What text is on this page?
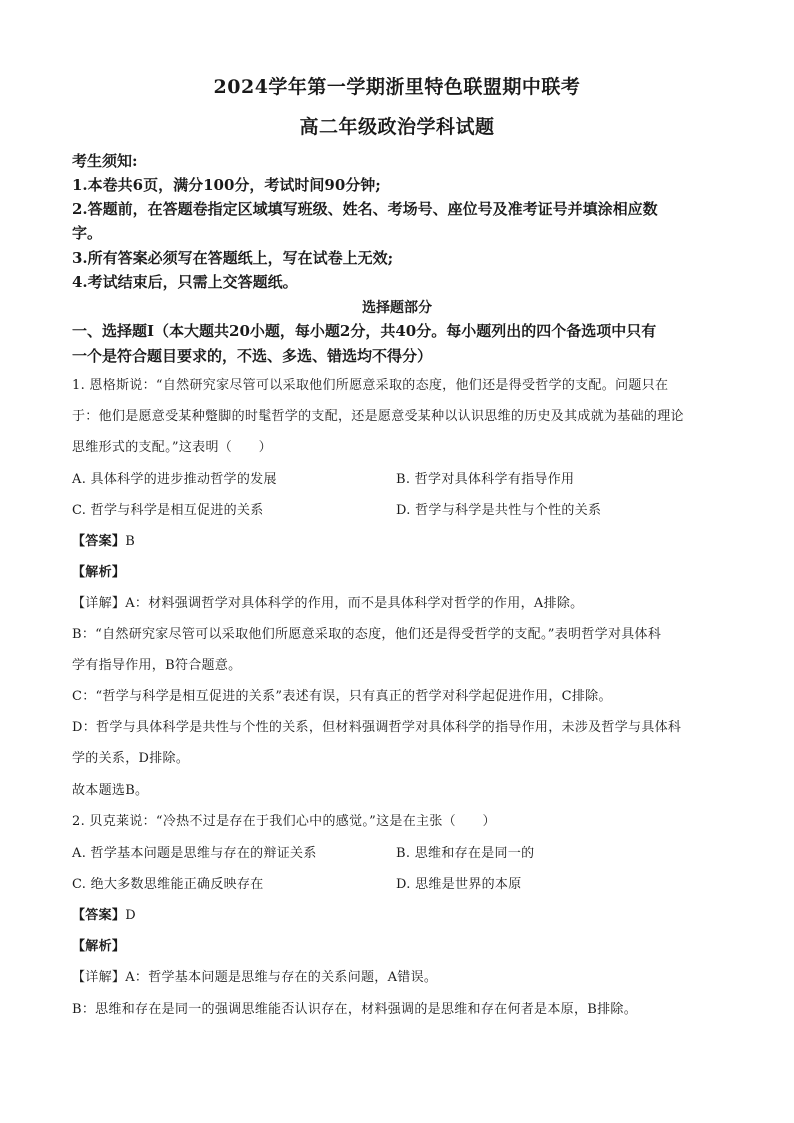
2024学年第一学期浙里特色联盟期中联考
高二年级政治学科试题
考生须知:
1.本卷共6页，满分100分，考试时间90分钟;
2.答题前，在答题卷指定区域填写班级、姓名、考场号、座位号及准考证号并填涂相应数
字。
3.所有答案必须写在答题纸上，写在试卷上无效;
4.考试结束后，只需上交答题纸。
选择题部分
一、选择题Ⅰ（本大题共20小题，每小题2分，共40分。每小题列出的四个备选项中只有
一个是符合题目要求的，不选、多选、错选均不得分）
1. 恩格斯说：“自然研究家尽管可以采取他们所愿意采取的态度，他们还是得受哲学的支配。问题只在
于：他们是愿意受某种蹩脚的时髦哲学的支配，还是愿意受某种以认识思维的历史及其成就为基础的理论
思维形式的支配。”这表明（　　）
A. 具体科学的进步推动哲学的发展	B. 哲学对具体科学有指导作用
C. 哲学与科学是相互促进的关系	D. 哲学与科学是共性与个性的关系
【答案】B
【解析】
【详解】A：材料强调哲学对具体科学的作用，而不是具体科学对哲学的作用，A排除。
B：“自然研究家尽管可以采取他们所愿意采取的态度，他们还是得受哲学的支配。”表明哲学对具体科
学有指导作用，B符合题意。
C：“哲学与科学是相互促进的关系”表述有误，只有真正的哲学对科学起促进作用，C排除。
D：哲学与具体科学是共性与个性的关系，但材料强调哲学对具体科学的指导作用，未涉及哲学与具体科
学的关系，D排除。
故本题选B。
2. 贝克莱说：“冷热不过是存在于我们心中的感觉。”这是在主张（　　）
A. 哲学基本问题是思维与存在的辩证关系	B. 思维和存在是同一的
C. 绝大多数思维能正确反映存在	D. 思维是世界的本原
【答案】D
【解析】
【详解】A：哲学基本问题是思维与存在的关系问题，A错误。
B：思维和存在是同一的强调思维能否认识存在，材料强调的是思维和存在何者是本原，B排除。
